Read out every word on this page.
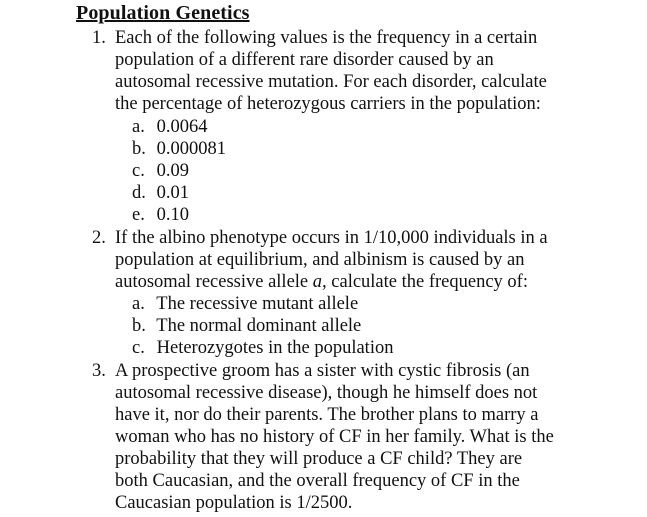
Population Genetics
1. Each of the following values is the frequency in a certain
population of a different rare disorder caused by an
autosomal recessive mutation. For each disorder, calculate
the percentage of heterozygous carriers in the population:
a. 0.0064
b. 0.000081
c. 0.09
d. 0.01
e. 0.10
2. If the albino phenotype occurs in 1/10,000 individuals in a
population at equilibrium, and albinism is caused by an
autosomal recessive allele a, calculate the frequency of:
a. The recessive mutant allele
b. The normal dominant allele
c. Heterozygotes in the population
3. A prospective groom has a sister with cystic fibrosis (an
autosomal recessive disease), though he himself does not
have it, nor do their parents. The brother plans to marry a
woman who has no history of CF in her family. What is the
probability that they will produce a CF child? They are
both Caucasian, and the overall frequency of CF in the
Caucasian population is 1/2500.
